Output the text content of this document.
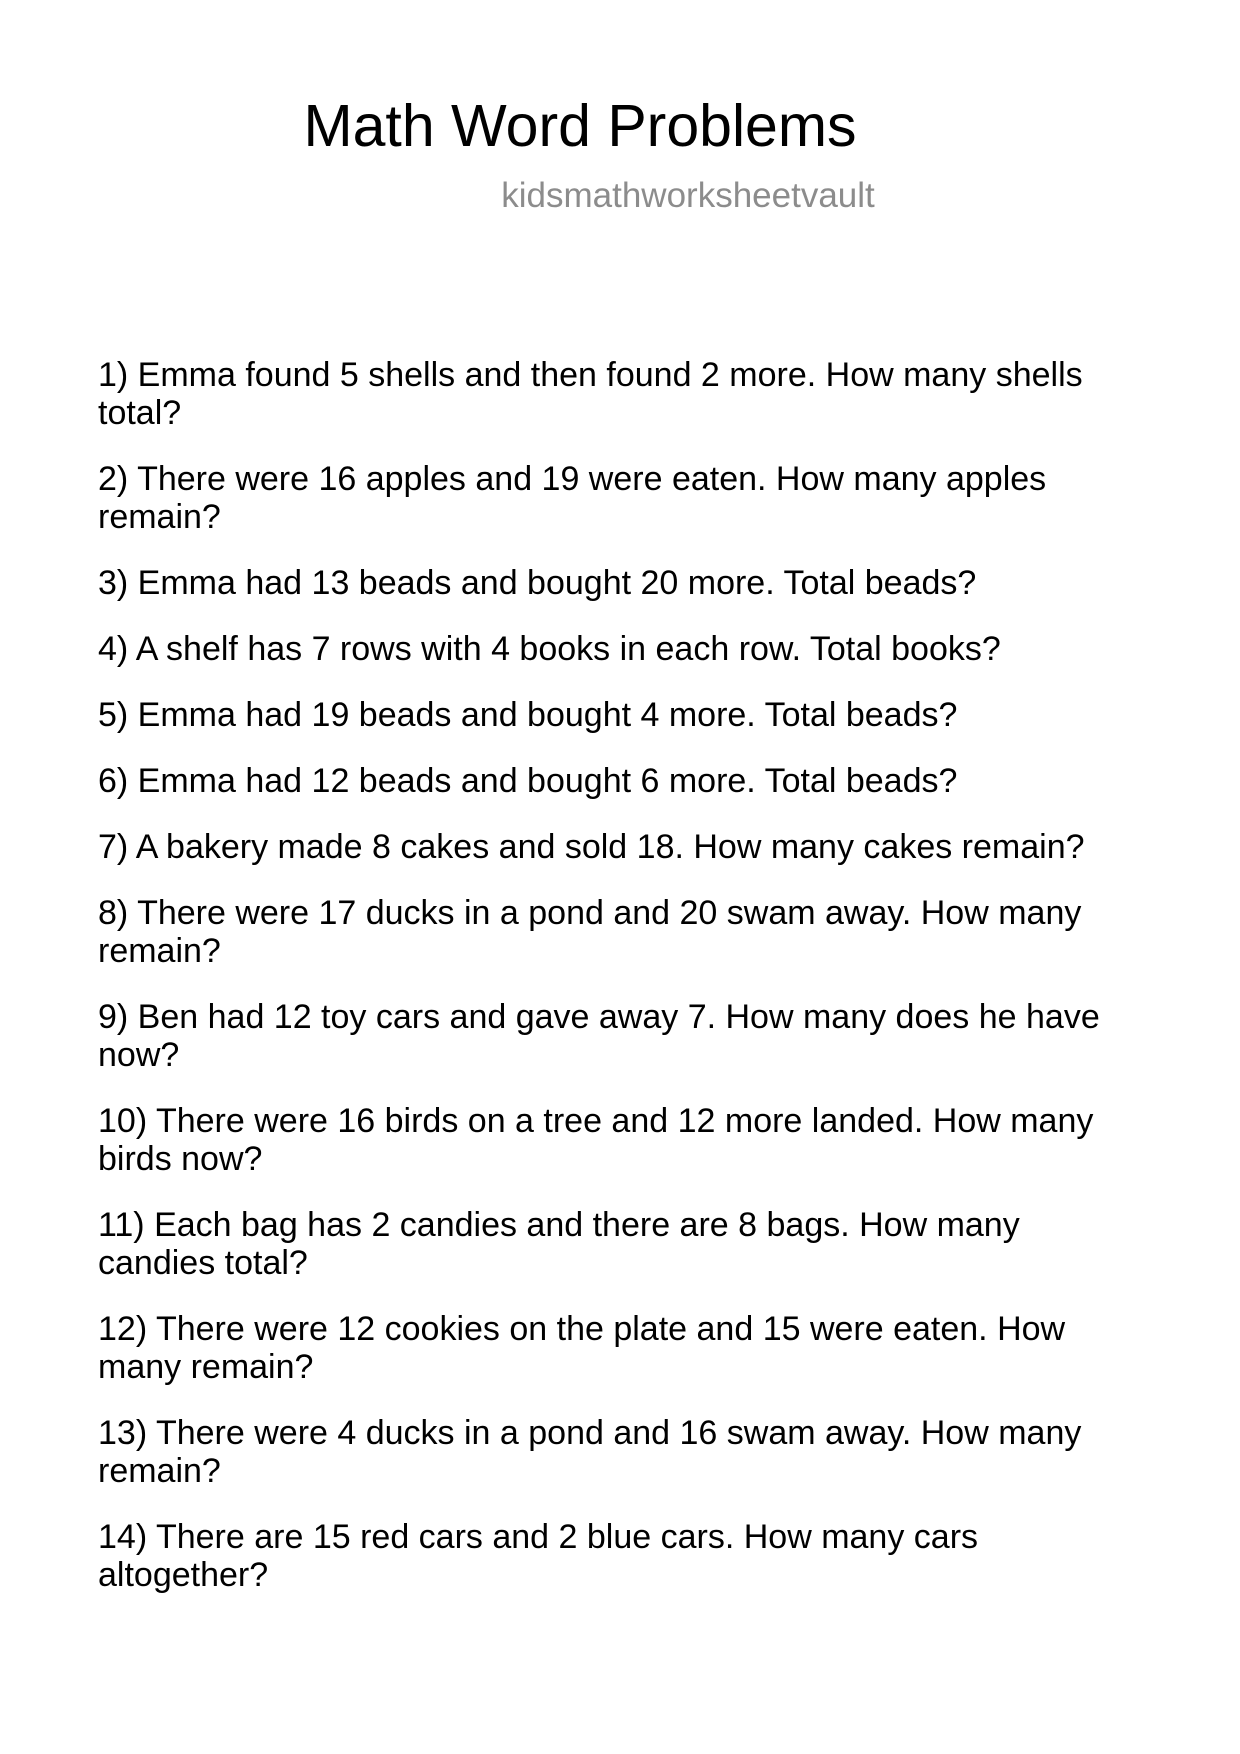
Math Word Problems
kidsmathworksheetvault

1) Emma found 5 shells and then found 2 more. How many shells total?

2) There were 16 apples and 19 were eaten. How many apples remain?

3) Emma had 13 beads and bought 20 more. Total beads?

4) A shelf has 7 rows with 4 books in each row. Total books?

5) Emma had 19 beads and bought 4 more. Total beads?

6) Emma had 12 beads and bought 6 more. Total beads?

7) A bakery made 8 cakes and sold 18. How many cakes remain?

8) There were 17 ducks in a pond and 20 swam away. How many remain?

9) Ben had 12 toy cars and gave away 7. How many does he have now?

10) There were 16 birds on a tree and 12 more landed. How many birds now?

11) Each bag has 2 candies and there are 8 bags. How many candies total?

12) There were 12 cookies on the plate and 15 were eaten. How many remain?

13) There were 4 ducks in a pond and 16 swam away. How many remain?

14) There are 15 red cars and 2 blue cars. How many cars altogether?
